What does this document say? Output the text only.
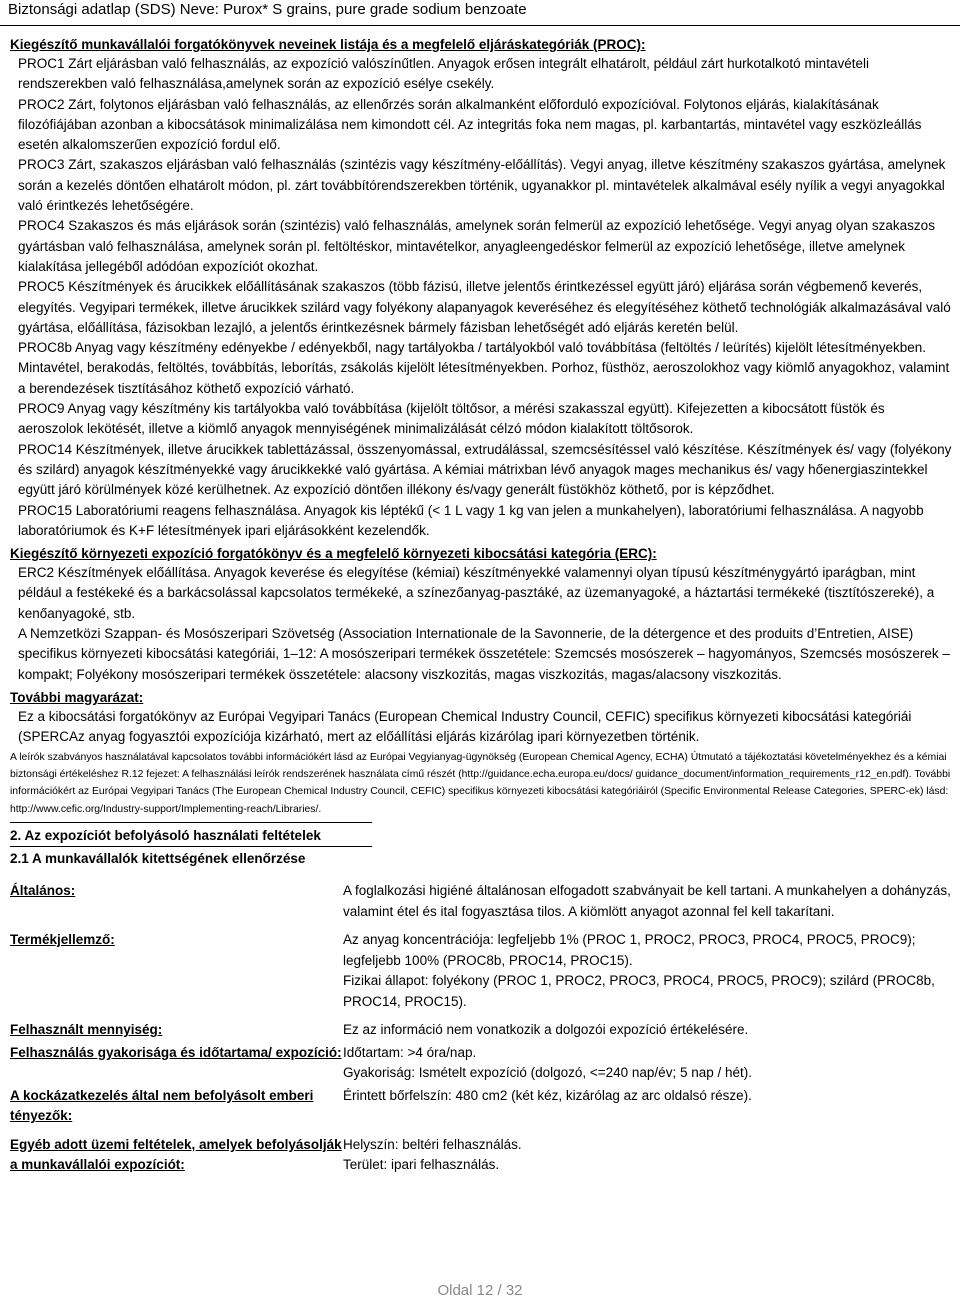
Biztonsági adatlap (SDS) Neve: Purox* S grains, pure grade sodium benzoate
Kiegészítő munkavállalói forgatókönyvek neveinek listája és a megfelelő eljáráskategóriák (PROC):
PROC1 Zárt eljárásban való felhasználás, az expozíció valószínűtlen. Anyagok erősen integrált elhatárolt, például zárt hurkotalkotó mintavételi rendszerekben való felhasználása,amelynek során az expozíció esélye csekély.
PROC2 Zárt, folytonos eljárásban való felhasználás, az ellenőrzés során alkalmanként előforduló expozícióval. Folytonos eljárás, kialakításának filozófiájában azonban a kibocsátások minimalizálása nem kimondott cél. Az integritás foka nem magas, pl. karbantartás, mintavétel vagy eszközleállás esetén alkalomszerűen expozíció fordul elő.
PROC3 Zárt, szakaszos eljárásban való felhasználás (szintézis vagy készítmény-előállítás). Vegyi anyag, illetve készítmény szakaszos gyártása, amelynek során a kezelés döntően elhatárolt módon, pl. zárt továbbítórendszerekben történik, ugyanakkor pl. mintavételek alkalmával esély nyílik a vegyi anyagokkal való érintkezés lehetőségére.
PROC4 Szakaszos és más eljárások során (szintézis) való felhasználás, amelynek során felmerül az expozíció lehetősége. Vegyi anyag olyan szakaszos gyártásban való felhasználása, amelynek során pl. feltöltéskor, mintavételkor, anyagleengedéskor felmerül az expozíció lehetősége, illetve amelynek kialakítása jellegéből adódóan expozíciót okozhat.
PROC5 Készítmények és árucikkek előállításának szakaszos (több fázisú, illetve jelentős érintkezéssel együtt járó) eljárása során végbemenő keverés, elegyítés. Vegyipari termékek, illetve árucikkek szilárd vagy folyékony alapanyagok keveréséhez és elegyítéséhez köthető technológiák alkalmazásával való gyártása, előállítása, fázisokban lezajló, a jelentős érintkezésnek bármely fázisban lehetőségét adó eljárás keretén belül.
PROC8b Anyag vagy készítmény edényekbe / edényekből, nagy tartályokba / tartályokból való továbbítása (feltöltés / leürítés) kijelölt létesítményekben. Mintavétel, berakodás, feltöltés, továbbítás, leborítás, zsákolás kijelölt létesítményekben. Porhoz, füsthöz, aeroszolokhoz vagy kiömlő anyagokhoz, valamint a berendezések tisztításához köthető expozíció várható.
PROC9 Anyag vagy készítmény kis tartályokba való továbbítása (kijelölt töltősor, a mérési szakasszal együtt). Kifejezetten a kibocsátott füstök és aeroszolok lekötését, illetve a kiömlő anyagok mennyiségének minimalizálását célzó módon kialakított töltősorok.
PROC14 Készítmények, illetve árucikkek tablettázással, összenyomással, extrudálással, szemcsésítéssel való készítése. Készítmények és/ vagy (folyékony és szilárd) anyagok készítményekké vagy árucikkekké való gyártása. A kémiai mátrixban lévő anyagok mages mechanikus és/ vagy hőenergiaszintekkel együtt járó körülmények közé kerülhetnek. Az expozíció döntően illékony és/vagy generált füstökhöz köthető, por is képződhet.
PROC15 Laboratóriumi reagens felhasználása. Anyagok kis léptékű (< 1 L vagy 1 kg van jelen a munkahelyen), laboratóriumi felhasználása. A nagyobb laboratóriumok és K+F létesítmények ipari eljárásokként kezelendők.
Kiegészítő környezeti expozíció forgatókönyv és a megfelelő környezeti kibocsátási kategória (ERC):
ERC2 Készítmények előállítása. Anyagok keverése és elegyítése (kémiai) készítményekké valamennyi olyan típusú készítménygyártó iparágban, mint például a festékeké és a barkácsolással kapcsolatos termékeké, a színezőanyag-pasztáké, az üzemanyagoké, a háztartási termékeké (tisztítószereké), a kenőanyagoké, stb.
A Nemzetközi Szappan- és Mosószeripari Szövetség (Association Internationale de la Savonnerie, de la détergence et des produits d’Entretien, AISE) specifikus környezeti kibocsátási kategóriái, 1–12: A mosószeripari termékek összetétele: Szemcsés mosószerek – hagyományos, Szemcsés mosószerek – kompakt; Folyékony mosószeripari termékek összetétele: alacsony viszkozitás, magas viszkozitás, magas/alacsony viszkozitás.
További magyarázat:
Ez a kibocsátási forgatókönyv az Európai Vegyipari Tanács (European Chemical Industry Council, CEFIC) specifikus környezeti kibocsátási kategóriái (SPERCAz anyag fogyasztói expozíciója kizárható, mert az előállítási eljárás kizárólag ipari környezetben történik.
A leírók szabványos használatával kapcsolatos további információkért lásd az Európai Vegyianyag-ügynökség (European Chemical Agency, ECHA) Útmutató a tájékoztatási követelményekhez és a kémiai biztonsági értékeléshez R.12 fejezet: A felhasználási leírók rendszerének használata című részét (http://guidance.echa.europa.eu/docs/ guidance_document/information_requirements_r12_en.pdf). További információkért az Európai Vegyipari Tanács (The European Chemical Industry Council, CEFIC) specifikus környezeti kibocsátási kategóriáiról (Specific Environmental Release Categories, SPERC-ek) lásd: http://www.cefic.org/Industry-support/Implementing-reach/Libraries/.
2. Az expozíciót befolyásoló használati feltételek
2.1 A munkavállalók kitettségének ellenőrzése
Általános:	A foglalkozási higiéné általánosan elfogadott szabványait be kell tartani. A munkahelyen a dohányzás, valamint étel és ital fogyasztása tilos. A kiömlött anyagot azonnal fel kell takarítani.
Termékjellemző:	Az anyag koncentrációja: legfeljebb 1% (PROC 1, PROC2, PROC3, PROC4, PROC5, PROC9); legfeljebb 100% (PROC8b, PROC14, PROC15).
Fizikai állapot: folyékony (PROC 1, PROC2, PROC3, PROC4, PROC5, PROC9); szilárd (PROC8b, PROC14, PROC15).
Felhasznált mennyiség:	Ez az információ nem vonatkozik a dolgozói expozíció értékelésére.
Felhasználás gyakorisága és időtartama/ expozíció: Időtartam: >4 óra/nap.
Gyakoriság: Ismételt expozíció (dolgozó, <=240 nap/év; 5 nap / hét).
A kockázatkezelés által nem befolyásolt emberi tényezők:
Érintett bőrfelszín: 480 cm2 (két kéz, kizárólag az arc oldalsó része).
Egyéb adott üzemi feltételek, amelyek befolyásolják a munkavállalói expozíciót:
Helyszín: beltéri felhasználás.
Terület: ipari felhasználás.
Oldal 12 / 32
